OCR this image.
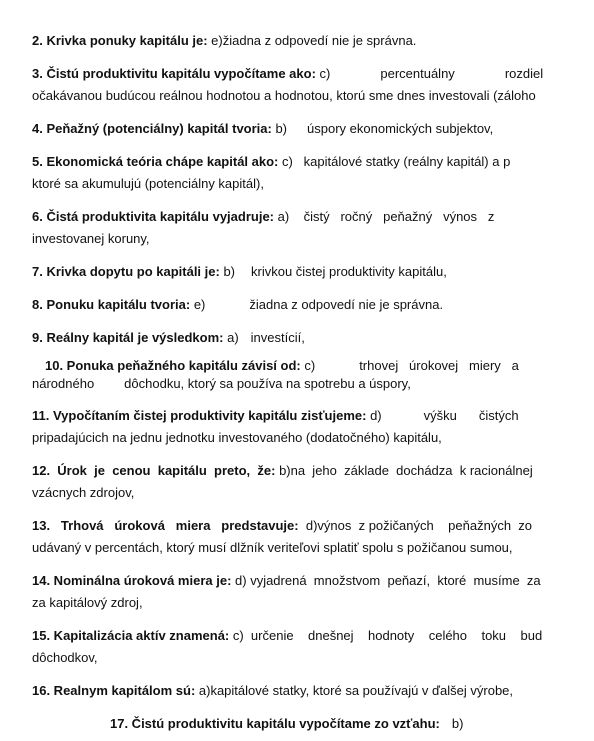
2. Krivka ponuky kapitálu je: e)žiadna z odpovedí nie je správna.
3. Čistú produktivitu kapitálu vypočítame ako: c)	percentuálny	rozdiel
očakávanou budúcou reálnou hodnotou a hodnotou, ktorú sme dnes investovali (záloho
4. Peňažný (potenciálny) kapitál tvoria: b) úspory ekonomických subjektov,
5. Ekonomická teória chápe kapitál ako: c)   kapitálové statky (reálny kapitál) a p
ktoré sa akumulujú (potenciálny kapitál),
6. Čistá produktivita kapitálu vyjadruje: a)    čistý   ročný   peňažný   výnos   z
investovanej koruny,
7. Krivka dopytu po kapitáli je: b) krivkou čistej produktivity kapitálu,
8. Ponuku kapitálu tvoria: e)	žiadna z odpovedí nie je správna.
9. Reálny kapitál je výsledkom: a) investícií,
10. Ponuka peňažného kapitálu závisí od: c)	trhovej   úrokovej   miery   a
národného dôchodku, ktorý sa používa na spotrebu a úspory,
11. Vypočítaním čistej produktivity kapitálu zisťujeme: d)	výšku čistých
pripadajúcich na jednu jednotku investovaného (dodatočného) kapitálu,
12.  Úrok  je  cenou  kapitálu  preto,  že: b)na  jeho  základe  dochádza  k racionálnej
vzácnych zdrojov,
13.   Trhová   úroková   miera   predstavuje:  d)výnos  z požičaných    peňažných  zo
udávaný v percentách, ktorý musí dlžník veriteľovi splatiť spolu s požičanou sumou,
14. Nominálna úroková miera je: d) vyjadrená  množstvom  peňazí,  ktoré  musíme  za
za kapitálový zdroj,
15. Kapitalizácia aktív znamená: c)  určenie    dnešnej    hodnoty    celého    toku    bud
dôchodkov,
16. Realnym kapitálom sú: a)kapitálové statky, ktoré sa používajú v ďalšej výrobe,
17. Čistú produktivitu kapitálu vypočítame zo vzťahu: b)
